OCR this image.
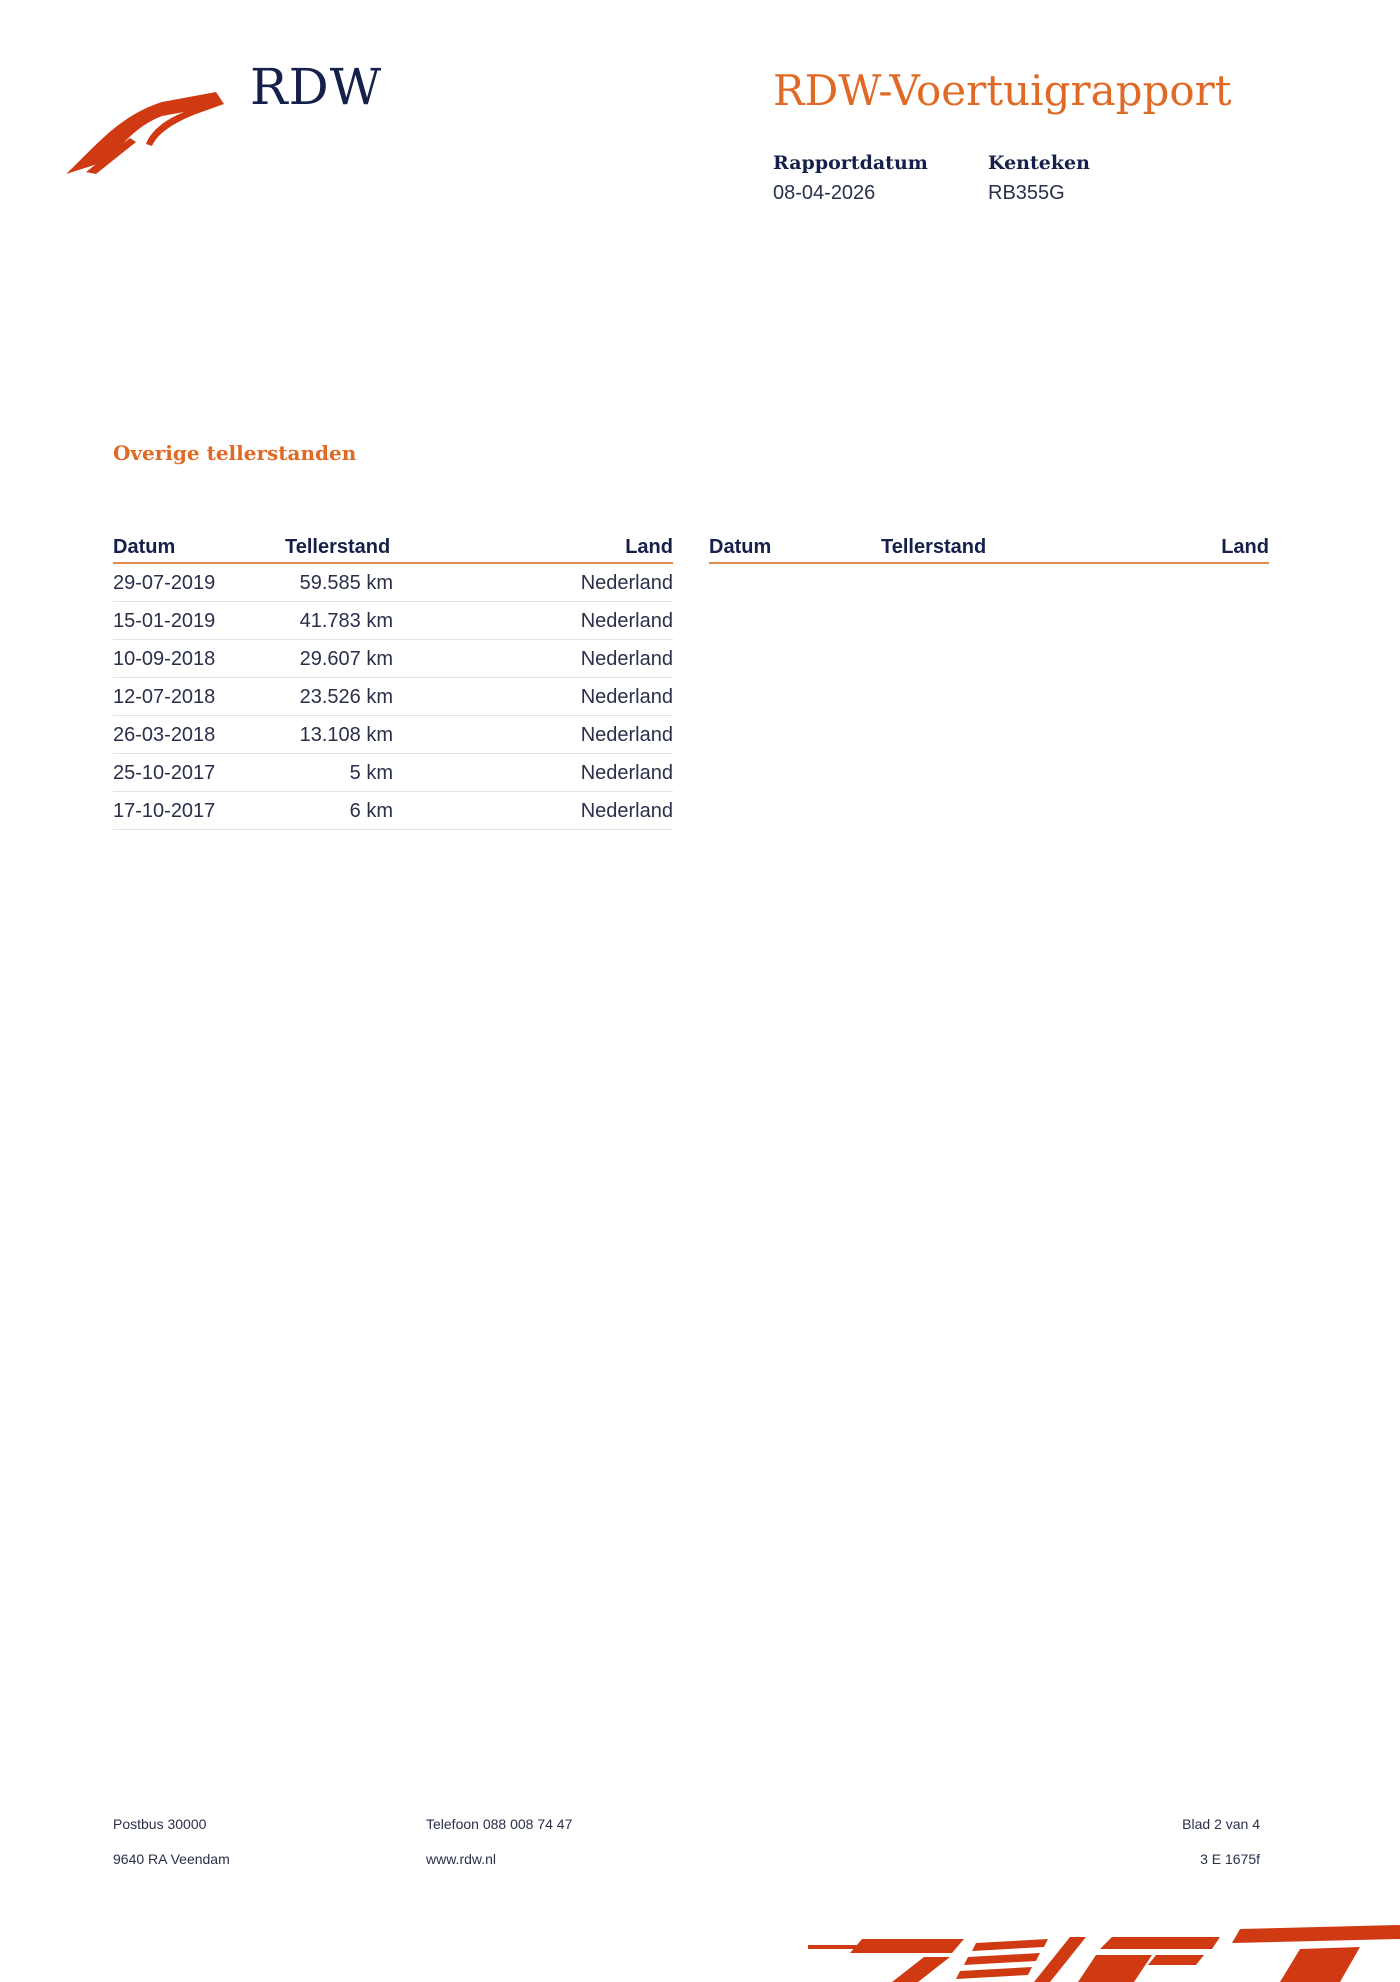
RDW	RDW-Voertuigrapport
Rapportdatum
08-04-2026
Kenteken
RB355G
Overige tellerstanden
Datum	Tellerstand	Land
29-07-2019	59.585 km	Nederland
15-01-2019	41.783 km	Nederland
10-09-2018	29.607 km	Nederland
12-07-2018	23.526 km	Nederland
26-03-2018	13.108 km	Nederland
25-10-2017	5 km	Nederland
17-10-2017	6 km	Nederland
Datum	Tellerstand	Land
Postbus 30000
9640 RA Veendam
Telefoon 088 008 74 47
www.rdw.nl
Blad 2 van 4
3 E 1675f
